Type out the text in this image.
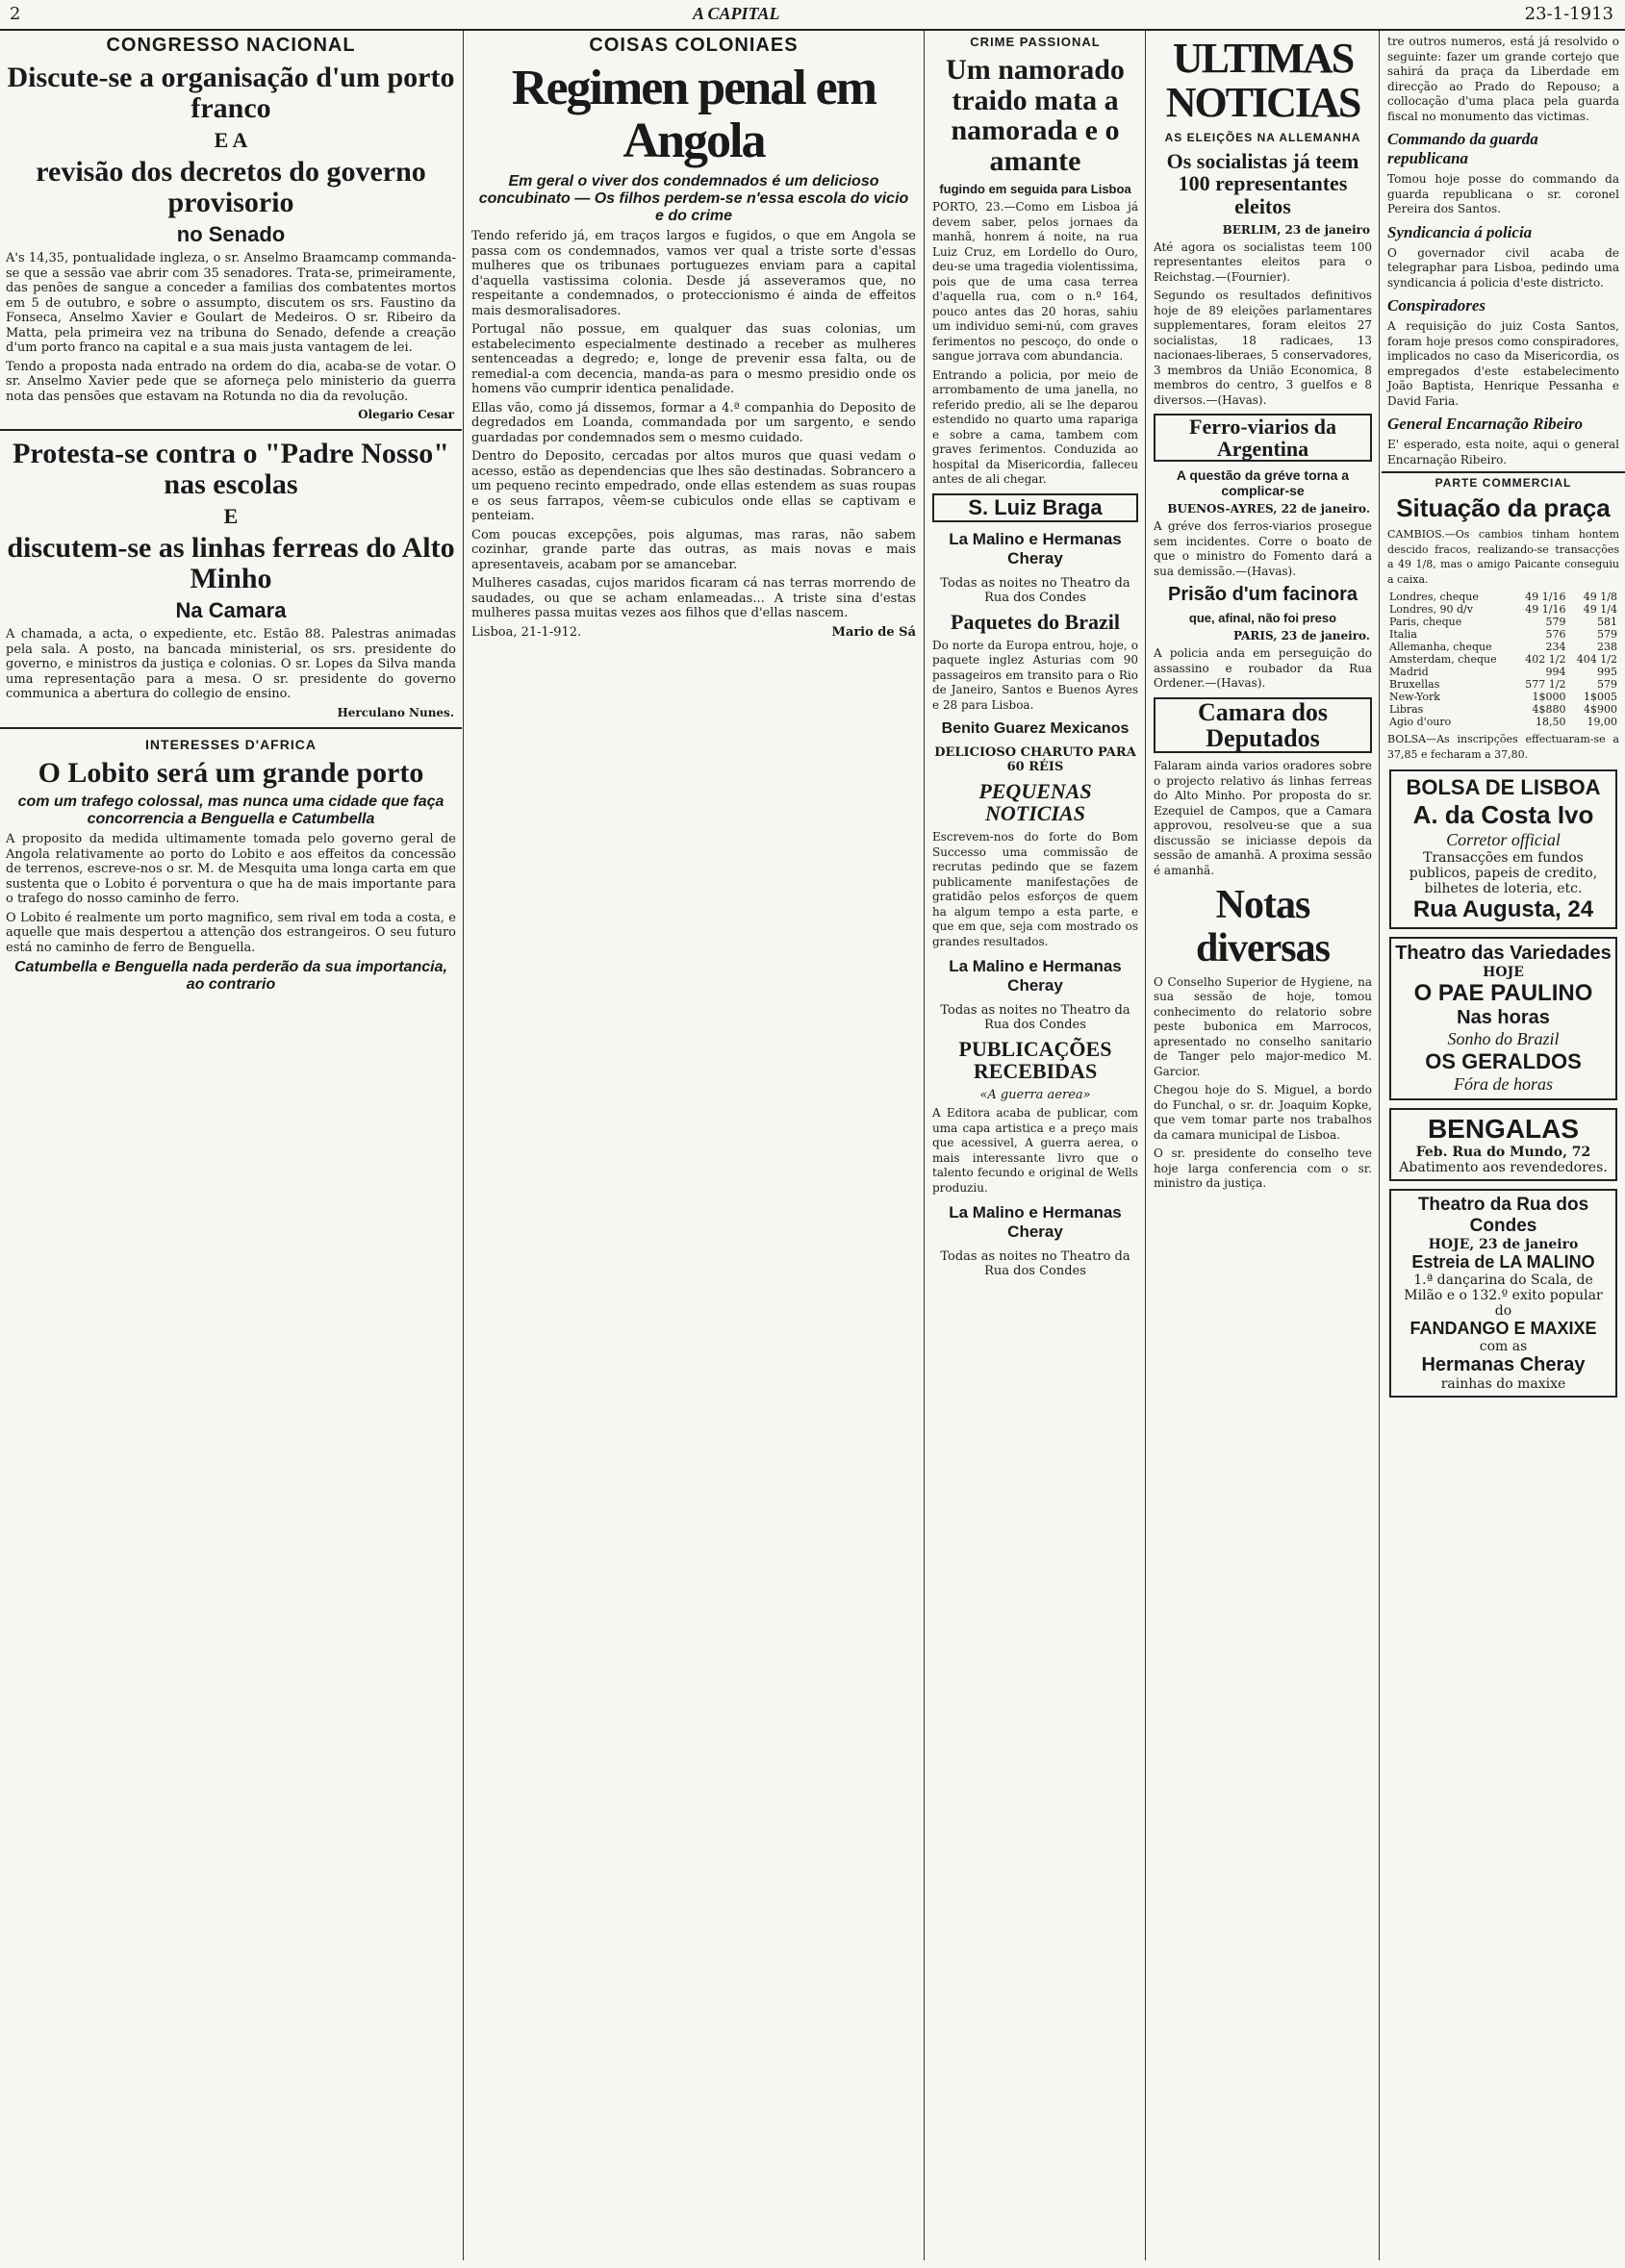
2	A CAPITAL	23-1-1913
CONGRESSO NACIONAL
Discute-se a organisação d'um porto franco
E A
revisão dos decretos do governo provisorio
no Senado

A's 14,35, pontualidade ingleza, o sr. Anselmo Braamcamp commanda-se que a sessão vae abrir com 35 senadores. Trata-se, primeiramente, das penões de sangue a conceder a familias dos combatentes mortos em 5 de outubro, e sobre o assumpto, discutem os srs. Faustino da Fonseca, Anselmo Xavier e Goulart de Medeiros. O sr. Ribeiro da Matta, pela primeira vez na tribuna do Senado, defende a creação d'um porto franco na capital e a sua mais justa vantagem de lei.

Tendo a proposta nada entrado na ordem do dia, acaba-se de votar. O sr. Anselmo Xavier pede que se aforneça pelo ministerio da guerra nota das pensões que estavam na Rotunda no dia da revolução.

Olegario Cesar
Protesta-se contra o "Padre Nosso" nas escolas
E
discutem-se as linhas ferreas do Alto Minho
Na Camara

A chamada, a acta, o expediente, etc. Estão 88. Palestras animadas pela sala. A posto, na bancada ministerial, os srs. presidente do governo, e ministros da justiça e colonias. O sr. Lopes da Silva manda uma representação para a mesa. O sr. presidente do governo communica a abertura do collegio de ensino.

Herculano Nunes.
INTERESSES D'AFRICA
O Lobito será um grande porto
com um trafego colossal, mas nunca uma cidade que faça concorrencia a Benguella e Catumbella

A proposito da medida ultimamente tomada pelo governo geral de Angola relativamente ao porto do Lobito e aos effeitos da concessão de terrenos, escreve-nos o sr. M. de Mesquita uma longa carta em que sustenta que o Lobito é porventura o que ha de mais importante para o trafego do nosso caminho de ferro.

O Lobito é realmente um porto magnifico, sem rival em toda a costa, e aquelle que mais despertou a attenção dos estrangeiros. O seu futuro está no caminho de ferro de Benguella.

Catumbella e Benguella nada perderão da sua importancia, ao contrario
COISAS COLONIAES
Regimen penal em Angola
Em geral o viver dos condemnados é um delicioso concubinato — Os filhos perdem-se n'essa escola do vicio e do crime

Tendo referido já, em traços largos e fugidos, o que em Angola se passa com os condemnados, vamos ver qual a triste sorte d'essas mulheres que os tribunaes portuguezes enviam para a capital d'aquella vastissima colonia. Desde já asseveramos que, no respeitante a condemnados, o proteccionismo é ainda de effeitos mais desmoralisadores.

Portugal não possue, em qualquer das suas colonias, um estabelecimento especialmente destinado a receber as mulheres sentenceadas a degredo; e, longe de prevenir essa falta, ou de remedial-a com decencia, manda-as para o mesmo presidio onde os homens vão cumprir identica penalidade.

Ellas vão, como já dissemos, formar a 4.ª companhia do Deposito de degredados em Loanda, commandada por um sargento, e sendo guardadas por condemnados sem o mesmo cuidado.

Dentro do Deposito, cercadas por altos muros que quasi vedam o acesso, estão as dependencias que lhes são destinadas. Sobrancero a um pequeno recinto empedrado, onde ellas estendem as suas roupas e os seus farrapos, vêem-se cubiculos onde ellas se captivam e penteiam.

Com poucas excepções, pois algumas, mas raras, não sabem cozinhar, grande parte das outras, as mais novas e mais apresentaveis, acabam por se amancebar.

Mulheres casadas, cujos maridos ficaram cá nas terras morrendo de saudades, ou que se acham enlameadas... A triste sina d'estas mulheres passa muitas vezes aos filhos que d'ellas nascem.

Lisboa, 21-1-912.	Mario de Sá
CRIME PASSIONAL
Um namorado traido mata a namorada e o amante
fugindo em seguida para Lisboa

PORTO, 23.—Como em Lisboa já devem saber, pelos jornaes da manhã, honrem á noite, na rua Luiz Cruz, em Lordello do Ouro, deu-se uma tragedia violentissima, pois que de uma casa terrea d'aquella rua, com o n.º 164, pouco antes das 20 horas, sahiu um individuo semi-nú, com graves ferimentos no pescoço, do onde o sangue jorrava com abundancia.

Entrando a policia, por meio de arrombamento de uma janella, no referido predio, ali se lhe deparou estendido no quarto uma rapariga e sobre a cama, tambem com graves ferimentos. Conduzida ao hospital da Misericordia, falleceu antes de ali chegar.

S. Luiz Braga
La Malino e Hermanas Cheray
Todas as noites no Theatro da Rua dos Condes
Paquetes do Brazil

Do norte da Europa entrou, hoje, o paquete inglez Asturias com 90 passageiros em transito para o Rio de Janeiro, Santos e Buenos Ayres e 28 para Lisboa.

Benito Guarez Mexicanos
DELICIOSO CHARUTO PARA 60 RÉIS
PEQUENAS NOTICIAS

Escrevem-nos do forte do Bom Successo uma commissão de recrutas pedindo que se fazem publicamente manifestações de gratidão pelos esforços de quem ha algum tempo a esta parte, e que em que, seja com mostrado os grandes resultados.

La Malino e Hermanas Cheray
Todas as noites no Theatro da Rua dos Condes
PUBLICAÇÕES RECEBIDAS
«A guerra aerea»

A Editora acaba de publicar, com uma capa artistica e a preço mais que acessivel, A guerra aerea, o mais interessante livro que o talento fecundo e original de Wells produziu.

La Malino e Hermanas Cheray
Todas as noites no Theatro da Rua dos Condes
ULTIMAS NOTICIAS
AS ELEIÇÕES NA ALLEMANHA
Os socialistas já teem 100 representantes eleitos
BERLIM, 23 de janeiro

Até agora os socialistas teem 100 representantes eleitos para o Reichstag.—(Fournier).

Segundo os resultados definitivos hoje de 89 eleições parlamentares supplementares, foram eleitos 27 socialistas, 18 radicaes, 13 nacionaes-liberaes, 5 conservadores, 3 membros da União Economica, 8 membros do centro, 3 guelfos e 8 diversos.—(Havas).

Ferro-viarios da Argentina
A questão da gréve torna a complicar-se
BUENOS-AYRES, 22 de janeiro.

A gréve dos ferros-viarios prosegue sem incidentes. Corre o boato de que o ministro do Fomento dará a sua demissão.—(Havas).

Prisão d'um facinora
que, afinal, não foi preso
PARIS, 23 de janeiro.

A policia anda em perseguição do assassino e roubador da Rua Ordener.—(Havas).

Camara dos Deputados

Falaram ainda varios oradores sobre o projecto relativo ás linhas ferreas do Alto Minho. Por proposta do sr. Ezequiel de Campos, que a Camara approvou, resolveu-se que a sua discussão se iniciasse depois da sessão de amanhã. A proxima sessão é amanhã.

Notas diversas

O Conselho Superior de Hygiene, na sua sessão de hoje, tomou conhecimento do relatorio sobre peste bubonica em Marrocos, apresentado no conselho sanitario de Tanger pelo major-medico M. Garcior.

Chegou hoje do S. Miguel, a bordo do Funchal, o sr. dr. Joaquim Kopke, que vem tomar parte nos trabalhos da camara municipal de Lisboa.

O sr. presidente do conselho teve hoje larga conferencia com o sr. ministro da justiça.

tre outros numeros, está já resolvido o seguinte: fazer um grande cortejo que sahirá da praça da Liberdade em direcção ao Prado do Repouso; a collocação d'uma placa pela guarda fiscal no monumento das victimas.

Commando da guarda republicana

Tomou hoje posse do commando da guarda republicana o sr. coronel Pereira dos Santos.

Syndicancia á policia

O governador civil acaba de telegraphar para Lisboa, pedindo uma syndicancia á policia d'este districto.

Conspiradores

A requisição do juiz Costa Santos, foram hoje presos como conspiradores, implicados no caso da Misericordia, os empregados d'este estabelecimento João Baptista, Henrique Pessanha e David Faria.

General Encarnação Ribeiro

E' esperado, esta noite, aqui o general Encarnação Ribeiro.

PARTE COMMERCIAL
Situação da praça

CAMBIOS.—Os cambios tinham hontem descido fracos, realizando-se transacções a 49 1/8, mas o amigo Paicante conseguiu a caixa.

Londres, cheque	49 1/16	49 1/8
Londres, 90 d/v	49 1/16	49 1/4
Paris, cheque	579	581
Italia	576	579
Allemanha, cheque	234	238
Amsterdam, cheque	402 1/2	404 1/2
Madrid	994	995
Bruxellas	577 1/2	579
New-York	1$000	1$005
Libras	4$880	4$900
Agio d'ouro	18,50	19,00

BOLSA—As inscripções effectuaram-se a 37,85 e fecharam a 37,80.

BOLSA DE LISBOA
A. da Costa Ivo
Corretor official
Transacções em fundos publicos, papeis de credito, bilhetes de loteria, etc.
Rua Augusta, 24
Theatro das Variedades
HOJE
O PAE PAULINO
Nas horas
Sonho do Brazil
OS GERALDOS
Fóra de horas
BENGALAS
Feb. Rua do Mundo, 72
Abatimento aos revendedores.
Theatro da Rua dos Condes
HOJE, 23 de janeiro
Estreia de LA MALINO
1.ª dançarina do Scala, de Milão e o 132.º exito popular do
FANDANGO E MAXIXE
com as
Hermanas Cheray
rainhas do maxixe
